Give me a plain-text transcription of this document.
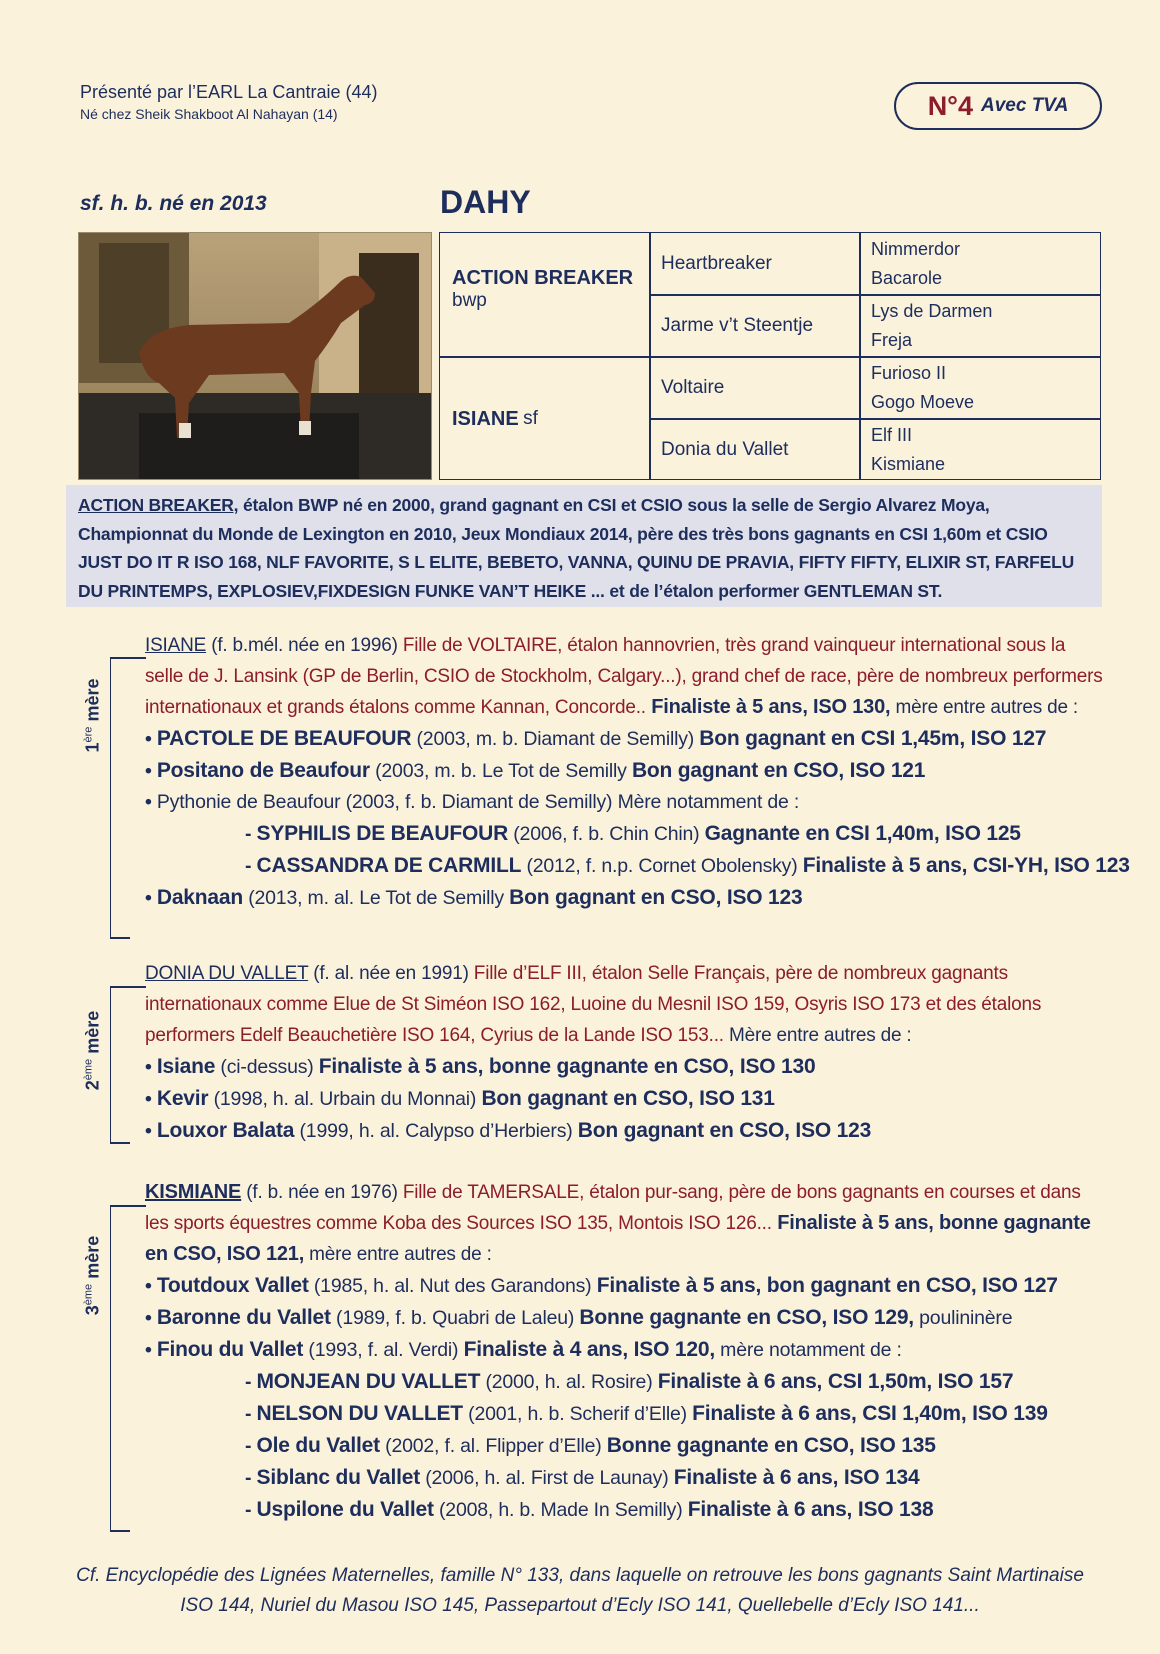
Présenté par l’EARL La Cantraie (44)
Né chez Sheik Shakboot Al Nahayan (14)	N°4 Avec TVA
sf. h. b. né en 2013	DAHY
ACTION BREAKER
bwp
ISIANE
sf
Heartbreaker
Jarme v’t Steentje
Voltaire
Donia du Vallet
Nimmerdor
Bacarole
Lys de Darmen
Freja
Furioso II
Gogo Moeve
Elf III
Kismiane
ACTION BREAKER, étalon BWP né en 2000, grand gagnant en CSI et CSIO sous la selle de Sergio Alvarez Moya, Championnat du Monde de Lexington en 2010, Jeux Mondiaux 2014, père des très bons gagnants en CSI 1,60m et CSIO JUST DO IT R ISO 168, NLF FAVORITE, S L ELITE, BEBETO, VANNA, QUINU DE PRAVIA, FIFTY FIFTY, ELIXIR ST, FARFELU DU PRINTEMPS, EXPLOSIEV,FIXDESIGN FUNKE VAN’T HEIKE ... et de l’étalon performer GENTLEMAN ST.
1ère mère
ISIANE (f. b.mél. née en 1996) Fille de VOLTAIRE, étalon hannovrien, très grand vainqueur international sous la selle de J. Lansink (GP de Berlin, CSIO de Stockholm, Calgary...), grand chef de race, père de nombreux performers internationaux et grands étalons comme Kannan, Concorde.. Finaliste à 5 ans, ISO 130, mère entre autres de :
• PACTOLE DE BEAUFOUR (2003, m. b. Diamant de Semilly) Bon gagnant en CSI 1,45m, ISO 127
• Positano de Beaufour (2003, m. b. Le Tot de Semilly Bon gagnant en CSO, ISO 121
• Pythonie de Beaufour (2003, f. b. Diamant de Semilly) Mère notamment de :
- SYPHILIS DE BEAUFOUR (2006, f. b. Chin Chin) Gagnante en CSI 1,40m, ISO 125
- CASSANDRA DE CARMILL (2012, f. n.p. Cornet Obolensky) Finaliste à 5 ans, CSI-YH, ISO 123
• Daknaan (2013, m. al. Le Tot de Semilly Bon gagnant en CSO, ISO 123
2ème mère
DONIA DU VALLET (f. al. née en 1991) Fille d’ELF III, étalon Selle Français, père de nombreux gagnants internationaux comme Elue de St Siméon ISO 162, Luoine du Mesnil ISO 159, Osyris ISO 173 et des étalons performers Edelf Beauchetière ISO 164, Cyrius de la Lande ISO 153... Mère entre autres de :
• Isiane (ci-dessus) Finaliste à 5 ans, bonne gagnante en CSO, ISO 130
• Kevir (1998, h. al. Urbain du Monnai) Bon gagnant en CSO, ISO 131
• Louxor Balata (1999, h. al. Calypso d’Herbiers) Bon gagnant en CSO, ISO 123
3ème mère
KISMIANE (f. b. née en 1976) Fille de TAMERSALE, étalon pur-sang, père de bons gagnants en courses et dans les sports équestres comme Koba des Sources ISO 135, Montois ISO 126... Finaliste à 5 ans, bonne gagnante en CSO, ISO 121, mère entre autres de :
• Toutdoux Vallet (1985, h. al. Nut des Garandons) Finaliste à 5 ans, bon gagnant en CSO, ISO 127
• Baronne du Vallet (1989, f. b. Quabri de Laleu) Bonne gagnante en CSO, ISO 129, poulininère
• Finou du Vallet (1993, f. al. Verdi) Finaliste à 4 ans, ISO 120, mère notamment de :
- MONJEAN DU VALLET (2000, h. al. Rosire) Finaliste à 6 ans, CSI 1,50m, ISO 157
- NELSON DU VALLET (2001, h. b. Scherif d’Elle) Finaliste à 6 ans, CSI 1,40m, ISO 139
- Ole du Vallet (2002, f. al. Flipper d’Elle) Bonne gagnante en CSO, ISO 135
- Siblanc du Vallet (2006, h. al. First de Launay) Finaliste à 6 ans, ISO 134
- Uspilone du Vallet (2008, h. b. Made In Semilly) Finaliste à 6 ans, ISO 138
Cf. Encyclopédie des Lignées Maternelles, famille N° 133, dans laquelle on retrouve les bons gagnants Saint Martinaise
ISO 144, Nuriel du Masou ISO 145, Passepartout d’Ecly ISO 141, Quellebelle d’Ecly ISO 141...
